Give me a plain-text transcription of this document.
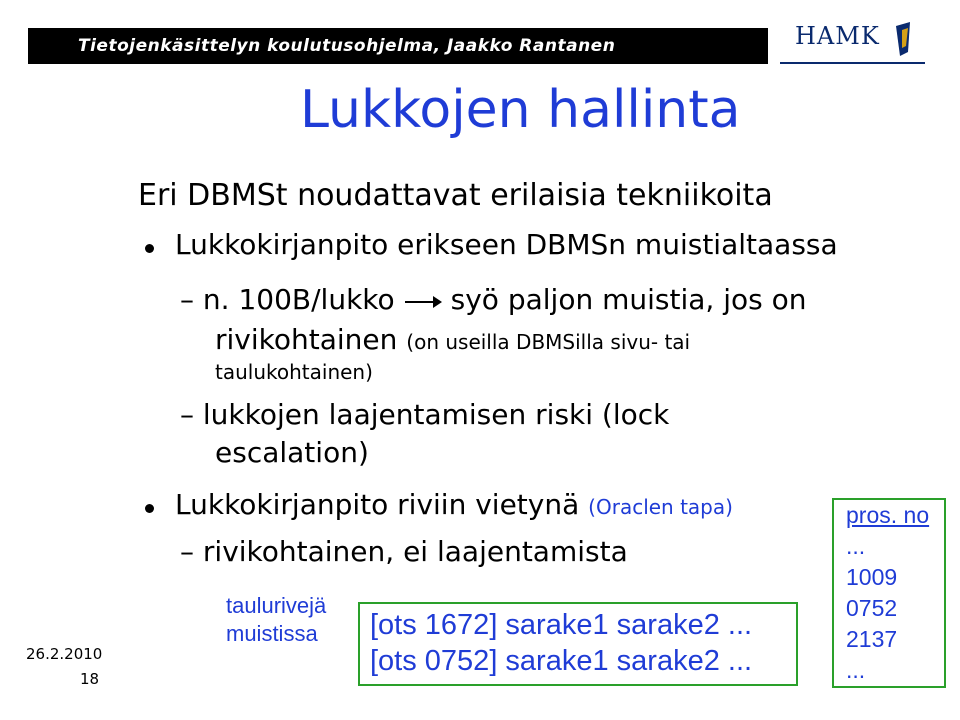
Tietojenkäsittelyn koulutusohjelma, Jaakko Rantanen	HAMK
Lukkojen hallinta
Eri DBMSt noudattavat erilaisia tekniikoita
Lukkokirjanpito erikseen DBMSn muistialtaassa
– n. 100B/lukko syö paljon muistia, jos on
rivikohtainen (on useilla DBMSilla sivu- tai
taulukohtainen)
– lukkojen laajentamisen riski (lock
escalation)
Lukkokirjanpito riviin vietynä (Oraclen tapa)
– rivikohtainen, ei laajentamista
taulurivejä
muistissa [ots 1672] sarake1 sarake2 ...
[ots 0752] sarake1 sarake2 ...
pros. no
...
1009
0752
2137
...
26.2.2010
18
